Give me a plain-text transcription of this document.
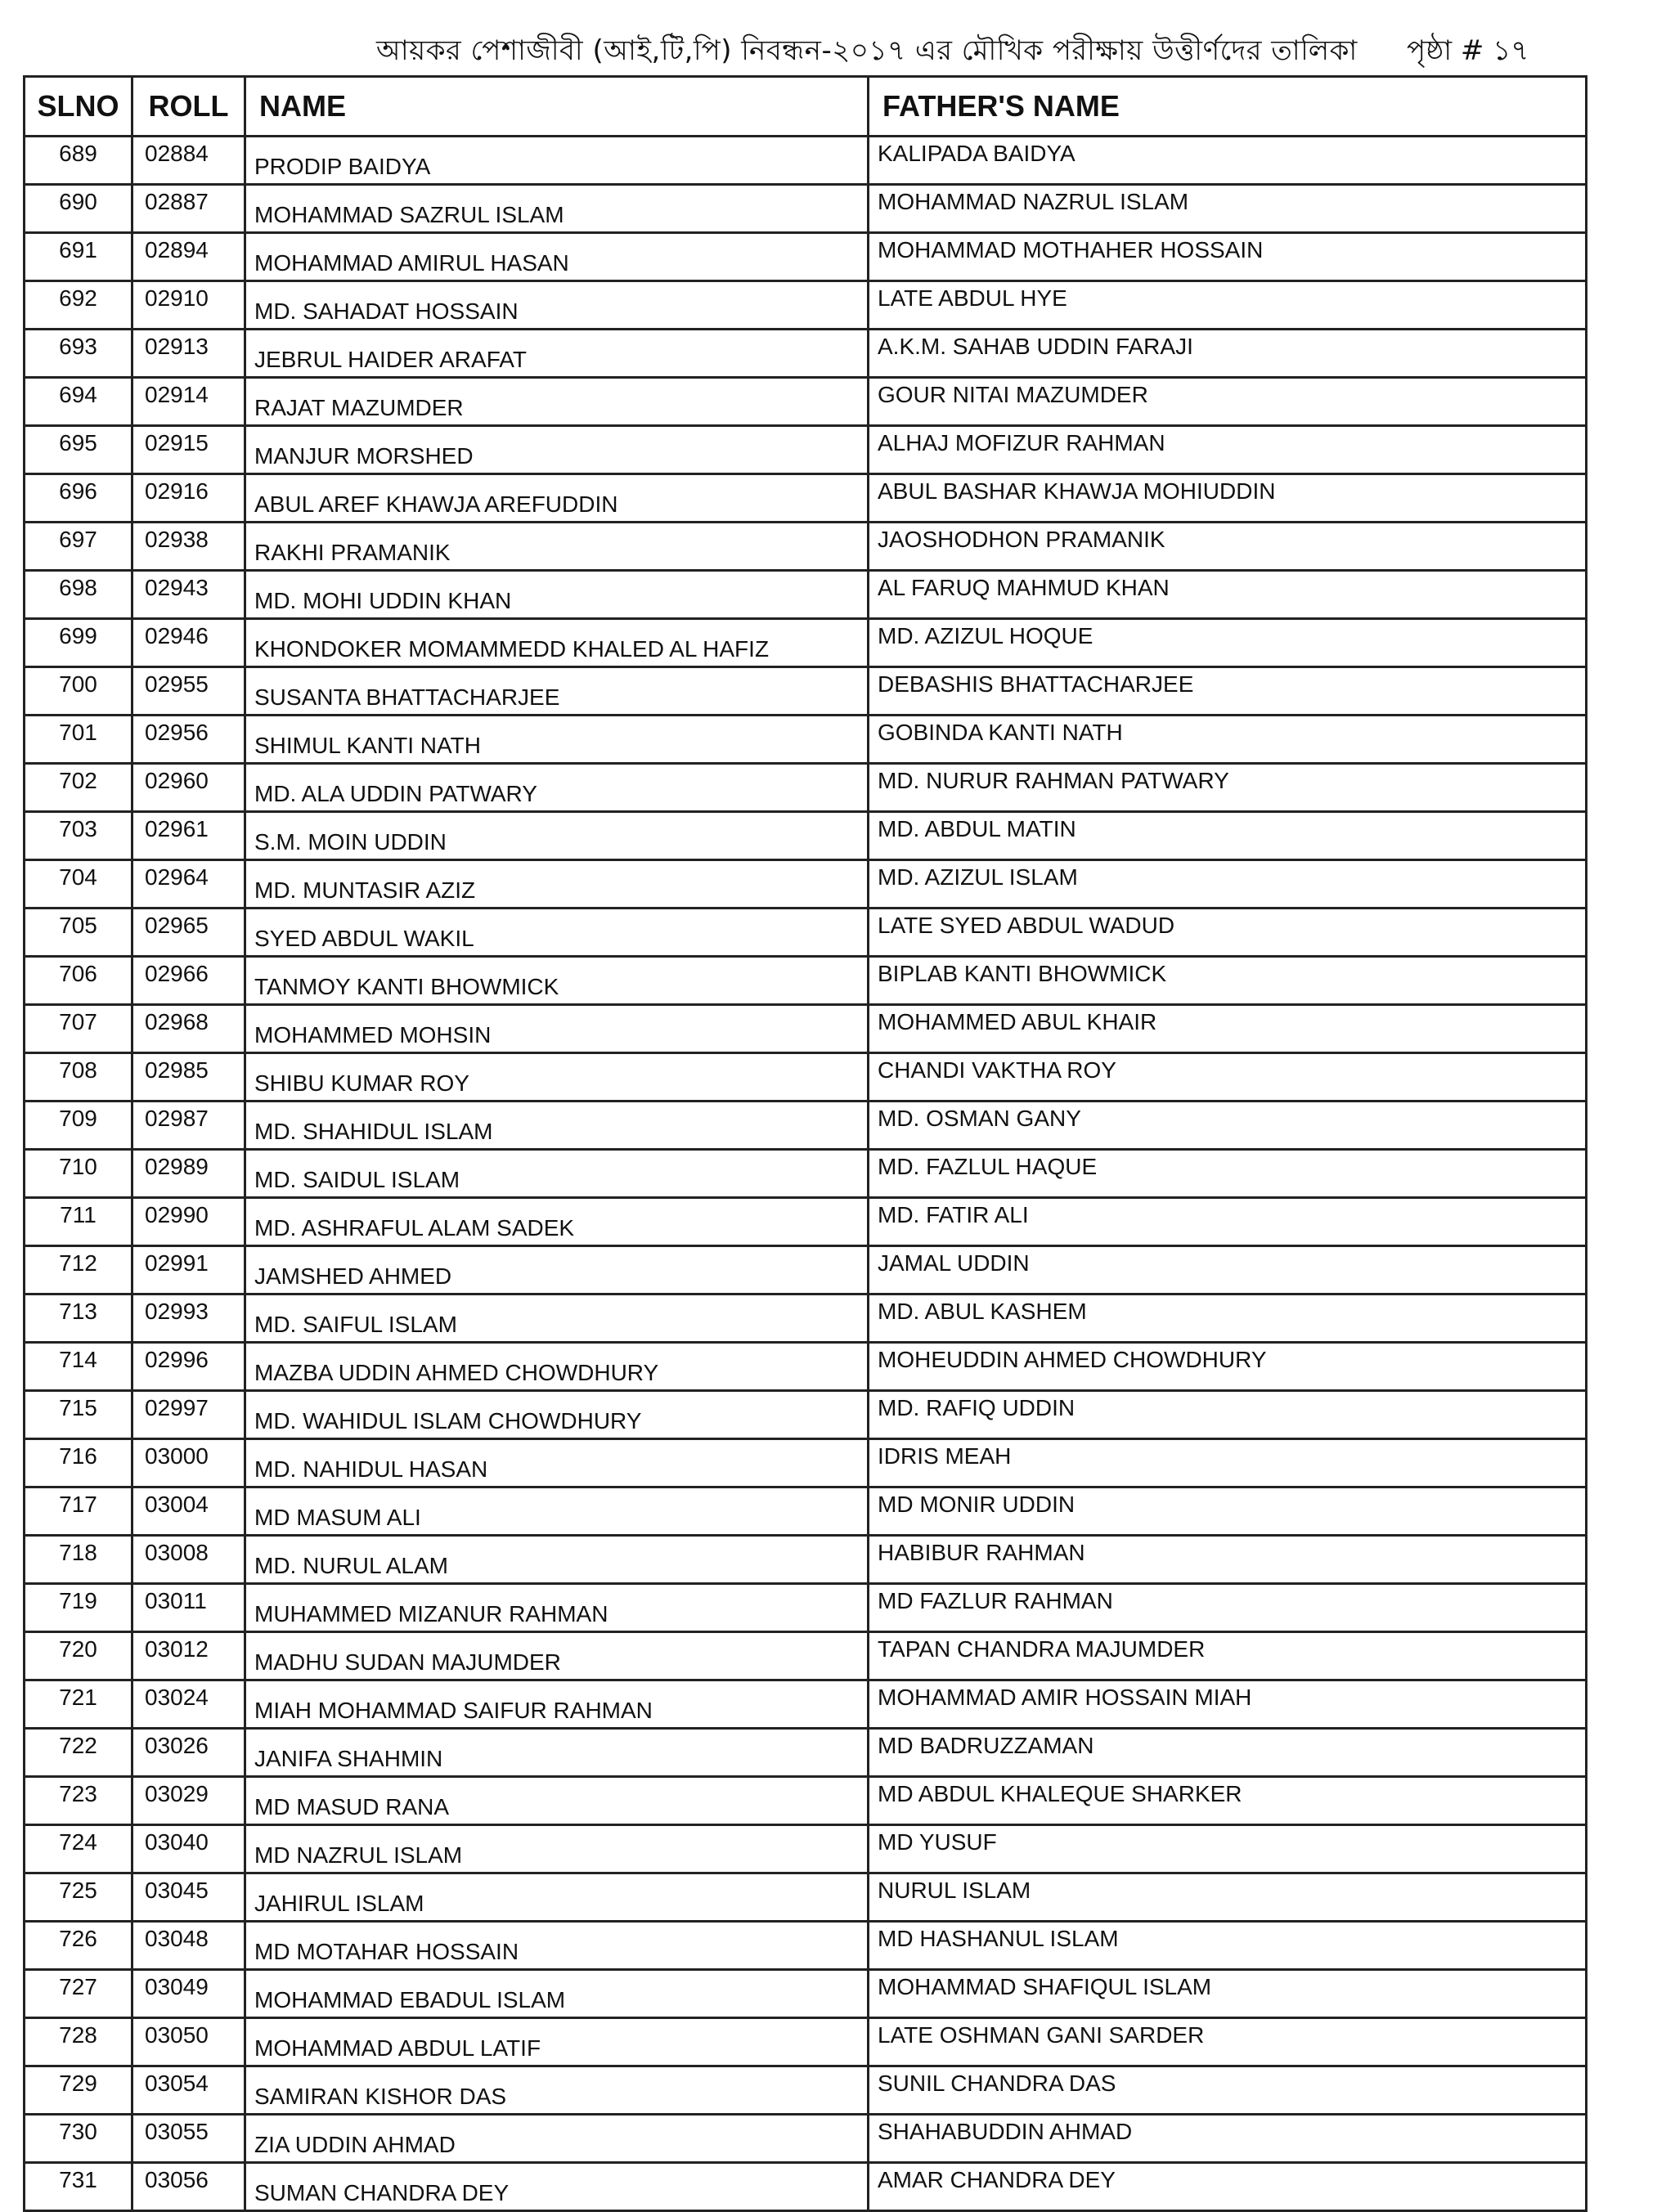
আয়কর পেশাজীবী (আই,টি,পি) নিবন্ধন-২০১৭ এর মৌখিক পরীক্ষায় উত্তীর্ণদের তালিকা পৃষ্ঠা # ১৭
SLNO	ROLL	NAME	FATHER'S NAME
689	02884	PRODIP BAIDYA	KALIPADA BAIDYA
690	02887	MOHAMMAD SAZRUL ISLAM	MOHAMMAD NAZRUL ISLAM
691	02894	MOHAMMAD AMIRUL HASAN	MOHAMMAD MOTHAHER HOSSAIN
692	02910	MD. SAHADAT HOSSAIN	LATE ABDUL HYE
693	02913	JEBRUL HAIDER ARAFAT	A.K.M. SAHAB UDDIN FARAJI
694	02914	RAJAT MAZUMDER	GOUR NITAI MAZUMDER
695	02915	MANJUR MORSHED	ALHAJ MOFIZUR RAHMAN
696	02916	ABUL AREF KHAWJA AREFUDDIN	ABUL BASHAR KHAWJA MOHIUDDIN
697	02938	RAKHI PRAMANIK	JAOSHODHON PRAMANIK
698	02943	MD. MOHI UDDIN KHAN	AL FARUQ MAHMUD KHAN
699	02946	KHONDOKER MOMAMMEDD KHALED AL HAFIZ	MD. AZIZUL HOQUE
700	02955	SUSANTA BHATTACHARJEE	DEBASHIS BHATTACHARJEE
701	02956	SHIMUL KANTI NATH	GOBINDA KANTI NATH
702	02960	MD. ALA UDDIN PATWARY	MD. NURUR RAHMAN PATWARY
703	02961	S.M. MOIN UDDIN	MD. ABDUL MATIN
704	02964	MD. MUNTASIR AZIZ	MD. AZIZUL ISLAM
705	02965	SYED ABDUL WAKIL	LATE SYED ABDUL WADUD
706	02966	TANMOY KANTI BHOWMICK	BIPLAB KANTI BHOWMICK
707	02968	MOHAMMED MOHSIN	MOHAMMED ABUL KHAIR
708	02985	SHIBU KUMAR ROY	CHANDI VAKTHA ROY
709	02987	MD. SHAHIDUL ISLAM	MD. OSMAN GANY
710	02989	MD. SAIDUL ISLAM	MD. FAZLUL HAQUE
711	02990	MD. ASHRAFUL ALAM SADEK	MD. FATIR ALI
712	02991	JAMSHED AHMED	JAMAL UDDIN
713	02993	MD. SAIFUL ISLAM	MD. ABUL KASHEM
714	02996	MAZBA UDDIN AHMED CHOWDHURY	MOHEUDDIN AHMED CHOWDHURY
715	02997	MD. WAHIDUL ISLAM CHOWDHURY	MD. RAFIQ UDDIN
716	03000	MD. NAHIDUL HASAN	IDRIS MEAH
717	03004	MD MASUM ALI	MD MONIR UDDIN
718	03008	MD. NURUL ALAM	HABIBUR RAHMAN
719	03011	MUHAMMED MIZANUR RAHMAN	MD FAZLUR RAHMAN
720	03012	MADHU SUDAN MAJUMDER	TAPAN CHANDRA MAJUMDER
721	03024	MIAH MOHAMMAD SAIFUR RAHMAN	MOHAMMAD AMIR HOSSAIN MIAH
722	03026	JANIFA SHAHMIN	MD BADRUZZAMAN
723	03029	MD MASUD RANA	MD ABDUL KHALEQUE SHARKER
724	03040	MD NAZRUL ISLAM	MD YUSUF
725	03045	JAHIRUL ISLAM	NURUL ISLAM
726	03048	MD MOTAHAR HOSSAIN	MD HASHANUL ISLAM
727	03049	MOHAMMAD EBADUL ISLAM	MOHAMMAD SHAFIQUL ISLAM
728	03050	MOHAMMAD ABDUL LATIF	LATE OSHMAN GANI SARDER
729	03054	SAMIRAN KISHOR DAS	SUNIL CHANDRA DAS
730	03055	ZIA UDDIN AHMAD	SHAHABUDDIN AHMAD
731	03056	SUMAN CHANDRA DEY	AMAR CHANDRA DEY
